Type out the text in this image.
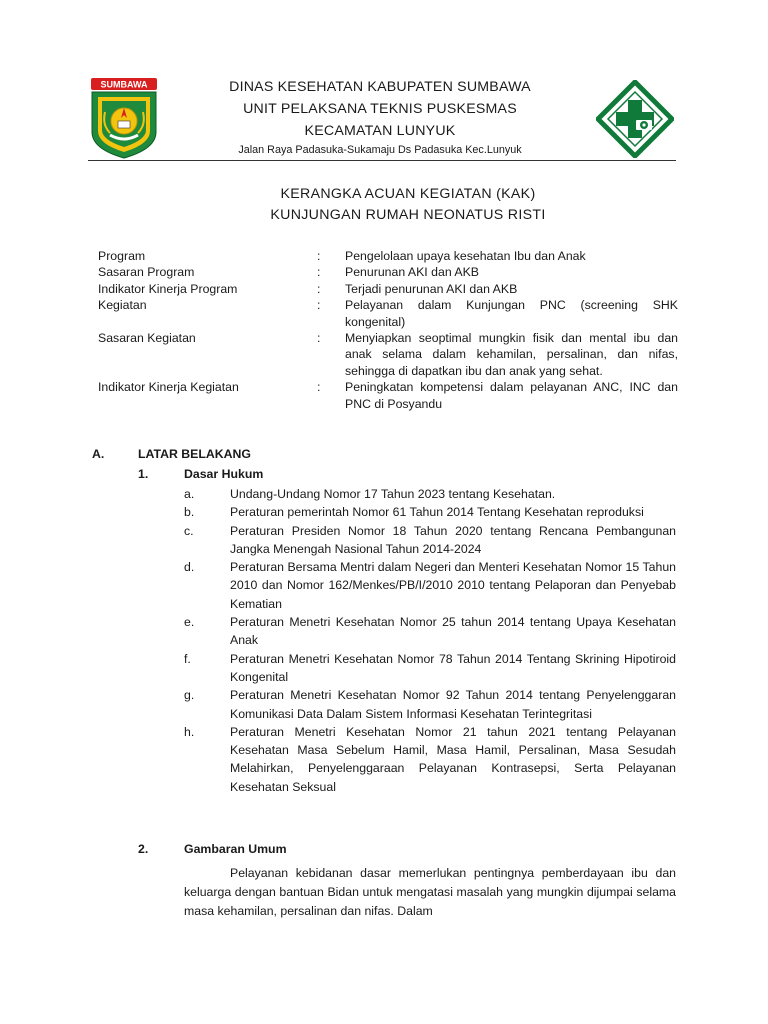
SUMBAWA	DINAS KESEHATAN KABUPATEN SUMBAWA
UNIT PELAKSANA TEKNIS PUSKESMAS
KECAMATAN LUNYUK
Jalan Raya Padasuka-Sukamaju Ds Padasuka Kec.Lunyuk
KERANGKA ACUAN KEGIATAN (KAK)
KUNJUNGAN RUMAH NEONATUS RISTI
Program	:	Pengelolaan upaya kesehatan Ibu dan Anak
Sasaran Program	:	Penurunan AKI dan AKB
Indikator Kinerja Program	:	Terjadi penurunan AKI dan AKB
Kegiatan	:	Pelayanan dalam Kunjungan PNC (screening SHK kongenital)
Sasaran Kegiatan	:	Menyiapkan seoptimal mungkin fisik dan mental ibu dan anak selama dalam kehamilan, persalinan, dan nifas, sehingga di dapatkan ibu dan anak yang sehat.
Indikator Kinerja Kegiatan	:	Peningkatan kompetensi dalam pelayanan ANC, INC dan PNC di Posyandu
A.	LATAR BELAKANG
1.	Dasar Hukum
a.	Undang-Undang Nomor 17 Tahun 2023 tentang Kesehatan.
b.	Peraturan pemerintah Nomor 61 Tahun 2014 Tentang Kesehatan reproduksi
c.	Peraturan Presiden Nomor 18 Tahun 2020 tentang Rencana Pembangunan Jangka Menengah Nasional Tahun 2014-2024
d.	Peraturan Bersama Mentri dalam Negeri dan Menteri Kesehatan Nomor 15 Tahun 2010 dan Nomor 162/Menkes/PB/I/2010 2010 tentang Pelaporan dan Penyebab Kematian
e.	Peraturan Menetri Kesehatan Nomor 25 tahun 2014 tentang Upaya Kesehatan Anak
f.	Peraturan Menetri Kesehatan Nomor 78 Tahun 2014 Tentang Skrining Hipotiroid Kongenital
g.	Peraturan Menetri Kesehatan Nomor 92 Tahun 2014 tentang Penyelenggaran Komunikasi Data Dalam Sistem Informasi Kesehatan Terintegritasi
h.	Peraturan Menetri Kesehatan Nomor 21 tahun 2021 tentang Pelayanan Kesehatan Masa Sebelum Hamil, Masa Hamil, Persalinan, Masa Sesudah Melahirkan, Penyelenggaraan Pelayanan Kontrasepsi, Serta Pelayanan Kesehatan Seksual
2.	Gambaran Umum
Pelayanan kebidanan dasar memerlukan pentingnya pemberdayaan ibu dan keluarga dengan bantuan Bidan untuk mengatasi masalah yang mungkin dijumpai selama masa kehamilan, persalinan dan nifas. Dalam
